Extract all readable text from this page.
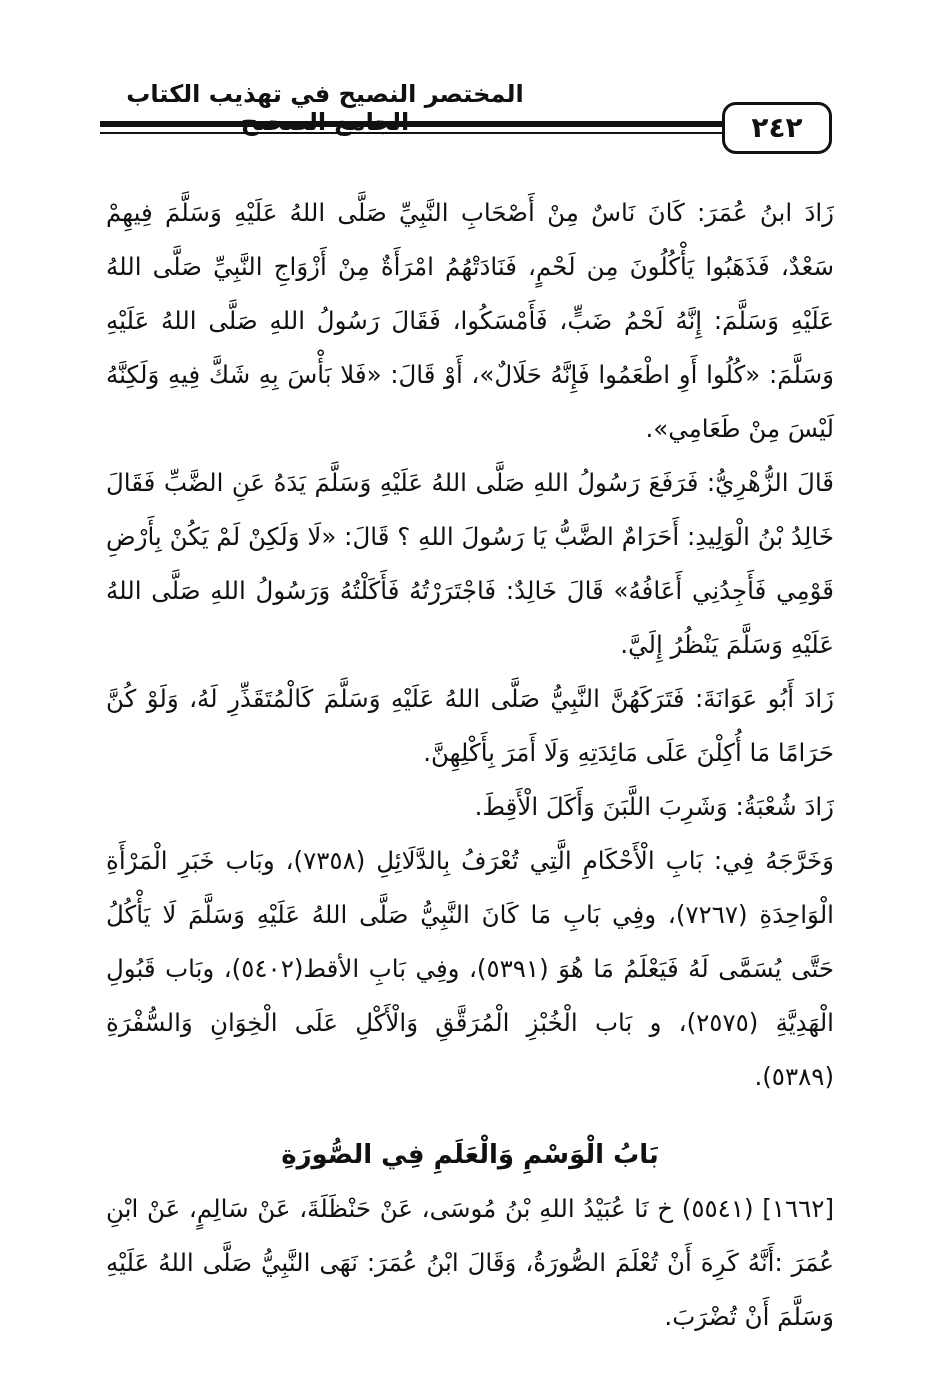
المختصر النصيح في تهذيب الكتاب
٢٤٢

زَادَ ابنُ عُمَرَ: كَانَ نَاسٌ مِنْ أَصْحَابِ النَّبِيِّ صَلَّى اللهُ عَلَيْهِ وَسَلَّمَ فِيهِمْ سَعْدٌ، فَذَهَبُوا يَأْكُلُونَ مِن لَحْمٍ، فَنَادَتْهُمُ امْرَأَةٌ مِنْ أَزْوَاجِ النَّبِيِّ صَلَّى اللهُ عَلَيْهِ وَسَلَّمَ: إِنَّهُ لَحْمُ ضَبٍّ، فَأَمْسَكُوا، فَقَالَ رَسُولُ اللهِ صَلَّى اللهُ عَلَيْهِ وَسَلَّمَ: «كُلُوا أَوِ اطْعَمُوا فَإِنَّهُ حَلَالٌ»، أَوْ قَالَ: «فَلا بَأْسَ بِهِ شَكَّ فِيهِ وَلَكِنَّهُ لَيْسَ مِنْ طَعَامِي».

قَالَ الزُّهْرِيُّ: فَرَفَعَ رَسُولُ اللهِ صَلَّى اللهُ عَلَيْهِ وَسَلَّمَ يَدَهُ عَنِ الضَّبِّ فَقَالَ خَالِدُ بْنُ الْوَلِيدِ: أَحَرَامٌ الضَّبُّ يَا رَسُولَ اللهِ ؟ قَالَ: «لَا وَلَكِنْ لَمْ يَكُنْ بِأَرْضِ قَوْمِي فَأَجِدُنِي أَعَافُهُ» قَالَ خَالِدٌ: فَاجْتَرَرْتُهُ فَأَكَلْتُهُ وَرَسُولُ اللهِ صَلَّى اللهُ عَلَيْهِ وَسَلَّمَ يَنْظُرُ إِلَيَّ.

زَادَ أَبُو عَوَانَةَ: فَتَرَكَهُنَّ النَّبِيُّ صَلَّى اللهُ عَلَيْهِ وَسَلَّمَ كَالْمُتَقَذِّرِ لَهُ، وَلَوْ كُنَّ حَرَامًا مَا أُكِلْنَ عَلَى مَائِدَتِهِ وَلَا أَمَرَ بِأَكْلِهِنَّ.

زَادَ شُعْبَةُ: وَشَرِبَ اللَّبَنَ وَأَكَلَ الْأَقِطَ.

وَخَرَّجَهُ فِي: بَابِ الْأَحْكَامِ الَّتِي تُعْرَفُ بِالدَّلَائِلِ (٧٣٥٨)، وبَاب خَبَرِ الْمَرْأَةِ الْوَاحِدَةِ (٧٢٦٧)، وفِي بَابِ مَا كَانَ النَّبِيُّ صَلَّى اللهُ عَلَيْهِ وَسَلَّمَ لَا يَأْكُلُ حَتَّى يُسَمَّى لَهُ فَيَعْلَمُ مَا هُوَ (٥٣٩١)، وفِي بَابِ الأقط(٥٤٠٢)، وبَاب قَبُولِ الْهَدِيَّةِ (٢٥٧٥)، و بَاب الْخُبْزِ الْمُرَقَّقِ وَالْأَكْلِ عَلَى الْخِوَانِ وَالسُّفْرَةِ (٥٣٨٩).

بَابُ الْوَسْمِ وَالْعَلَمِ فِي الصُّورَةِ

[١٦٦٢] (٥٥٤١) خ نَا عُبَيْدُ اللهِ بْنُ مُوسَى، عَنْ حَنْظَلَةَ، عَنْ سَالِمٍ، عَنْ ابْنِ عُمَرَ :أَنَّهُ كَرِهَ أَنْ تُعْلَمَ الصُّورَةُ، وَقَالَ ابْنُ عُمَرَ: نَهَى النَّبِيُّ صَلَّى اللهُ عَلَيْهِ وَسَلَّمَ أَنْ تُضْرَبَ.
